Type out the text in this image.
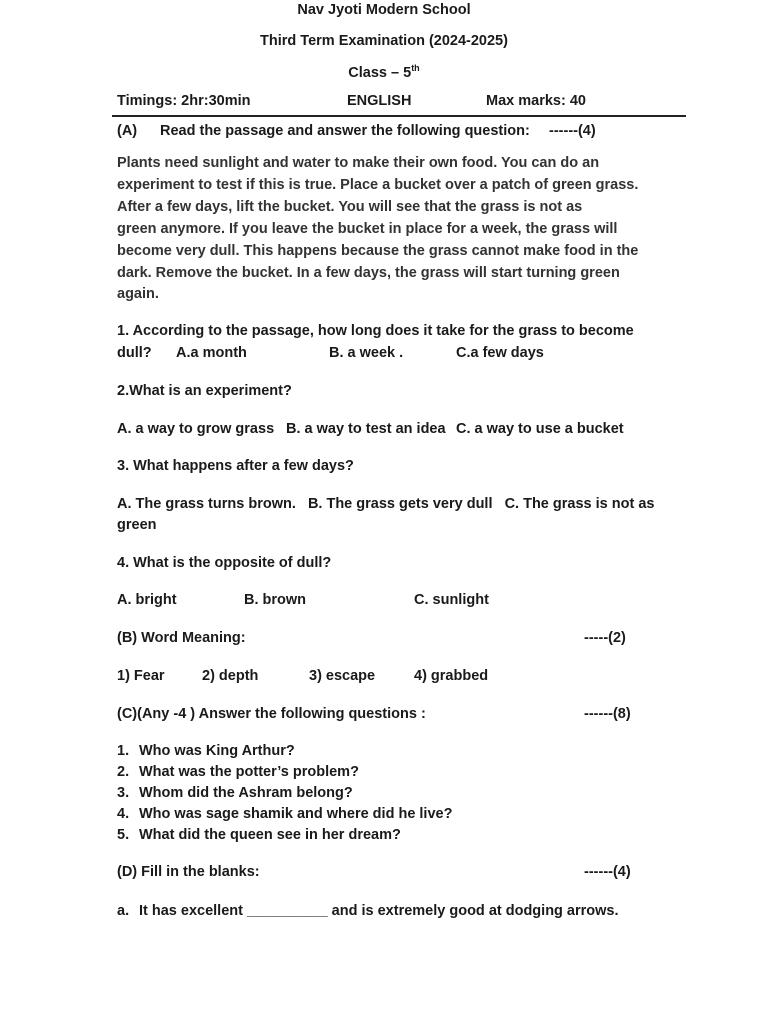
Nav Jyoti Modern School
Third Term Examination (2024-2025)
Class – 5th
Timings: 2hr:30min	ENGLISH	Max marks: 40
(A) Read the passage and answer the following question: ------(4)
Plants need sunlight and water to make their own food. You can do an
experiment to test if this is true. Place a bucket over a patch of green grass.
After a few days, lift the bucket. You will see that the grass is not as
green anymore. If you leave the bucket in place for a week, the grass will
become very dull. This happens because the grass cannot make food in the
dark. Remove the bucket. In a few days, the grass will start turning green
again.
1. According to the passage, how long does it take for the grass to become
dull? A.a month	B. a week .	C.a few days
2.What is an experiment?
A. a way to grow grass B. a way to test an idea C. a way to use a bucket
3. What happens after a few days?
A. The grass turns brown.   B. The grass gets very dull   C. The grass is not as
green
4. What is the opposite of dull?
A. bright	B. brown	C. sunlight
(B) Word Meaning:	-----(2)
1) Fear	2) depth	3) escape	4) grabbed
(C)(Any -4 ) Answer the following questions :	------(8)
1. Who was King Arthur?
2. What was the potter’s problem?
3. Whom did the Ashram belong?
4. Who was sage shamik and where did he live?
5. What did the queen see in her dream?
(D) Fill in the blanks:	------(4)
a. It has excellent __________ and is extremely good at dodging arrows.
